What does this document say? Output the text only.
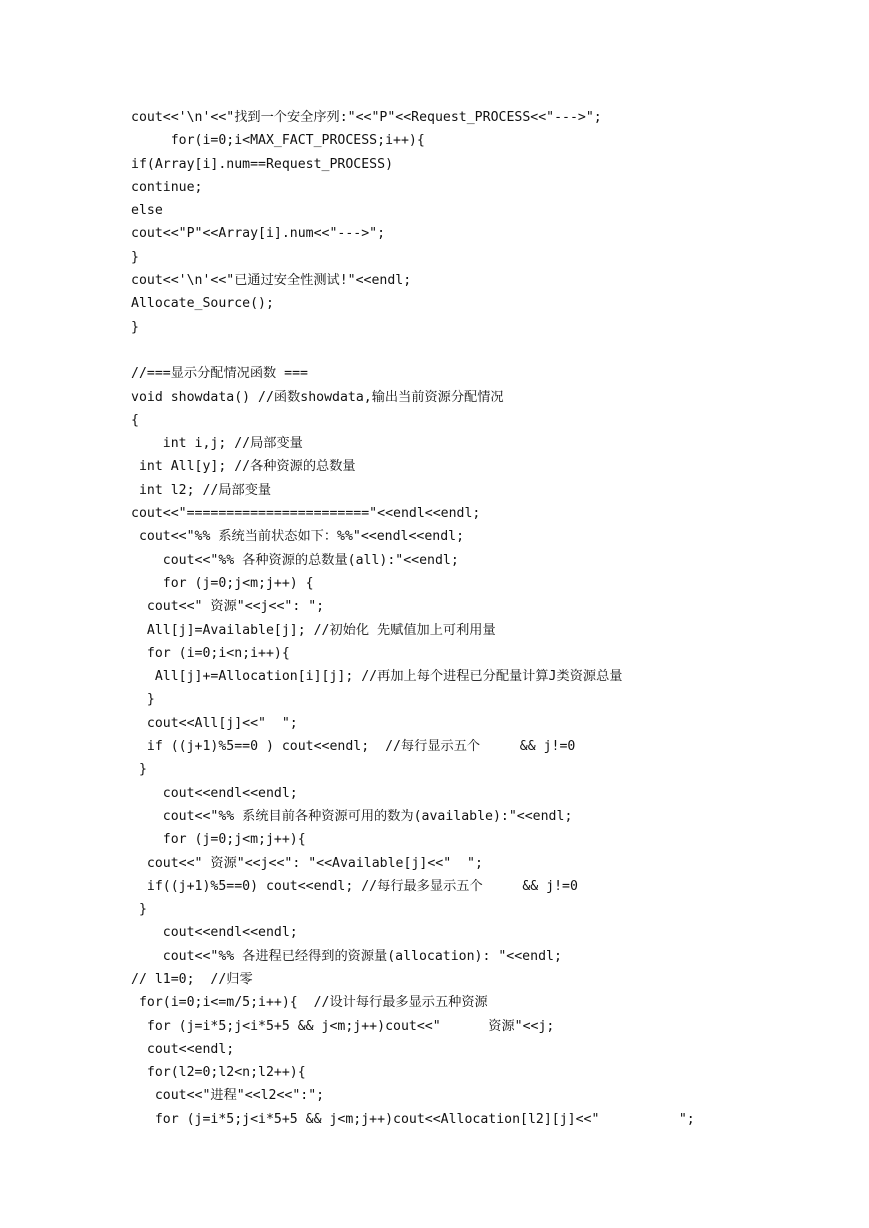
cout<<'\n'<<"找到一个安全序列:"<<"P"<<Request_PROCESS<<"--->";
for(i=0;i<MAX_FACT_PROCESS;i++){
if(Array[i].num==Request_PROCESS)
continue;
else
cout<<"P"<<Array[i].num<<"--->";
}
cout<<'\n'<<"已通过安全性测试!"<<endl;
Allocate_Source();
}
//===显示分配情况函数 ===
void showdata() //函数showdata,输出当前资源分配情况
{
int i,j; //局部变量
int All[y]; //各种资源的总数量
int l2; //局部变量
cout<<"======================="<<endl<<endl;
cout<<"%% 系统当前状态如下：%%"<<endl<<endl;
cout<<"%% 各种资源的总数量(all):"<<endl;
for (j=0;j<m;j++) {
cout<<" 资源"<<j<<": ";
All[j]=Available[j]; //初始化 先赋值加上可利用量
for (i=0;i<n;i++){
All[j]+=Allocation[i][j]; //再加上每个进程已分配量计算J类资源总量
}
cout<<All[j]<<"  ";
if ((j+1)%5==0 ) cout<<endl;  //每行显示五个     && j!=0
}
cout<<endl<<endl;
cout<<"%% 系统目前各种资源可用的数为(available):"<<endl;
for (j=0;j<m;j++){
cout<<" 资源"<<j<<": "<<Available[j]<<"  ";
if((j+1)%5==0) cout<<endl; //每行最多显示五个     && j!=0
}
cout<<endl<<endl;
cout<<"%% 各进程已经得到的资源量(allocation): "<<endl;
// l1=0;  //归零
for(i=0;i<=m/5;i++){  //设计每行最多显示五种资源
for (j=i*5;j<i*5+5 && j<m;j++)cout<<"      资源"<<j;
cout<<endl;
for(l2=0;l2<n;l2++){
cout<<"进程"<<l2<<":";
for (j=i*5;j<i*5+5 && j<m;j++)cout<<Allocation[l2][j]<<"          ";
